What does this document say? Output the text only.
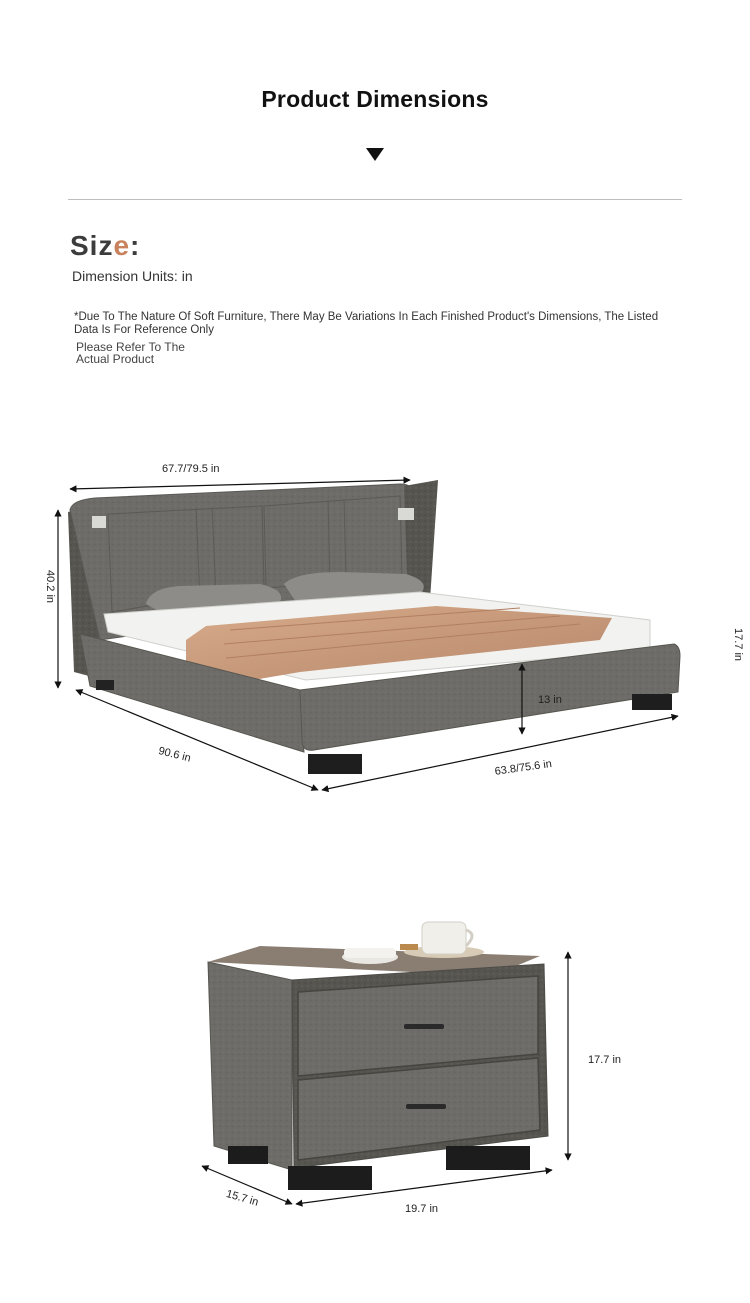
Product Dimensions
Size:
Dimension Units: in
*Due To The Nature Of Soft Furniture, There May Be Variations In Each Finished Product's Dimensions, The Listed Data Is For Reference Only
Please Refer To The
Actual Product
67.7/79.5 in
40.2 in
17.7 in
13 in
90.6 in
63.8/75.6 in
17.7 in
15.7 in
19.7 in
